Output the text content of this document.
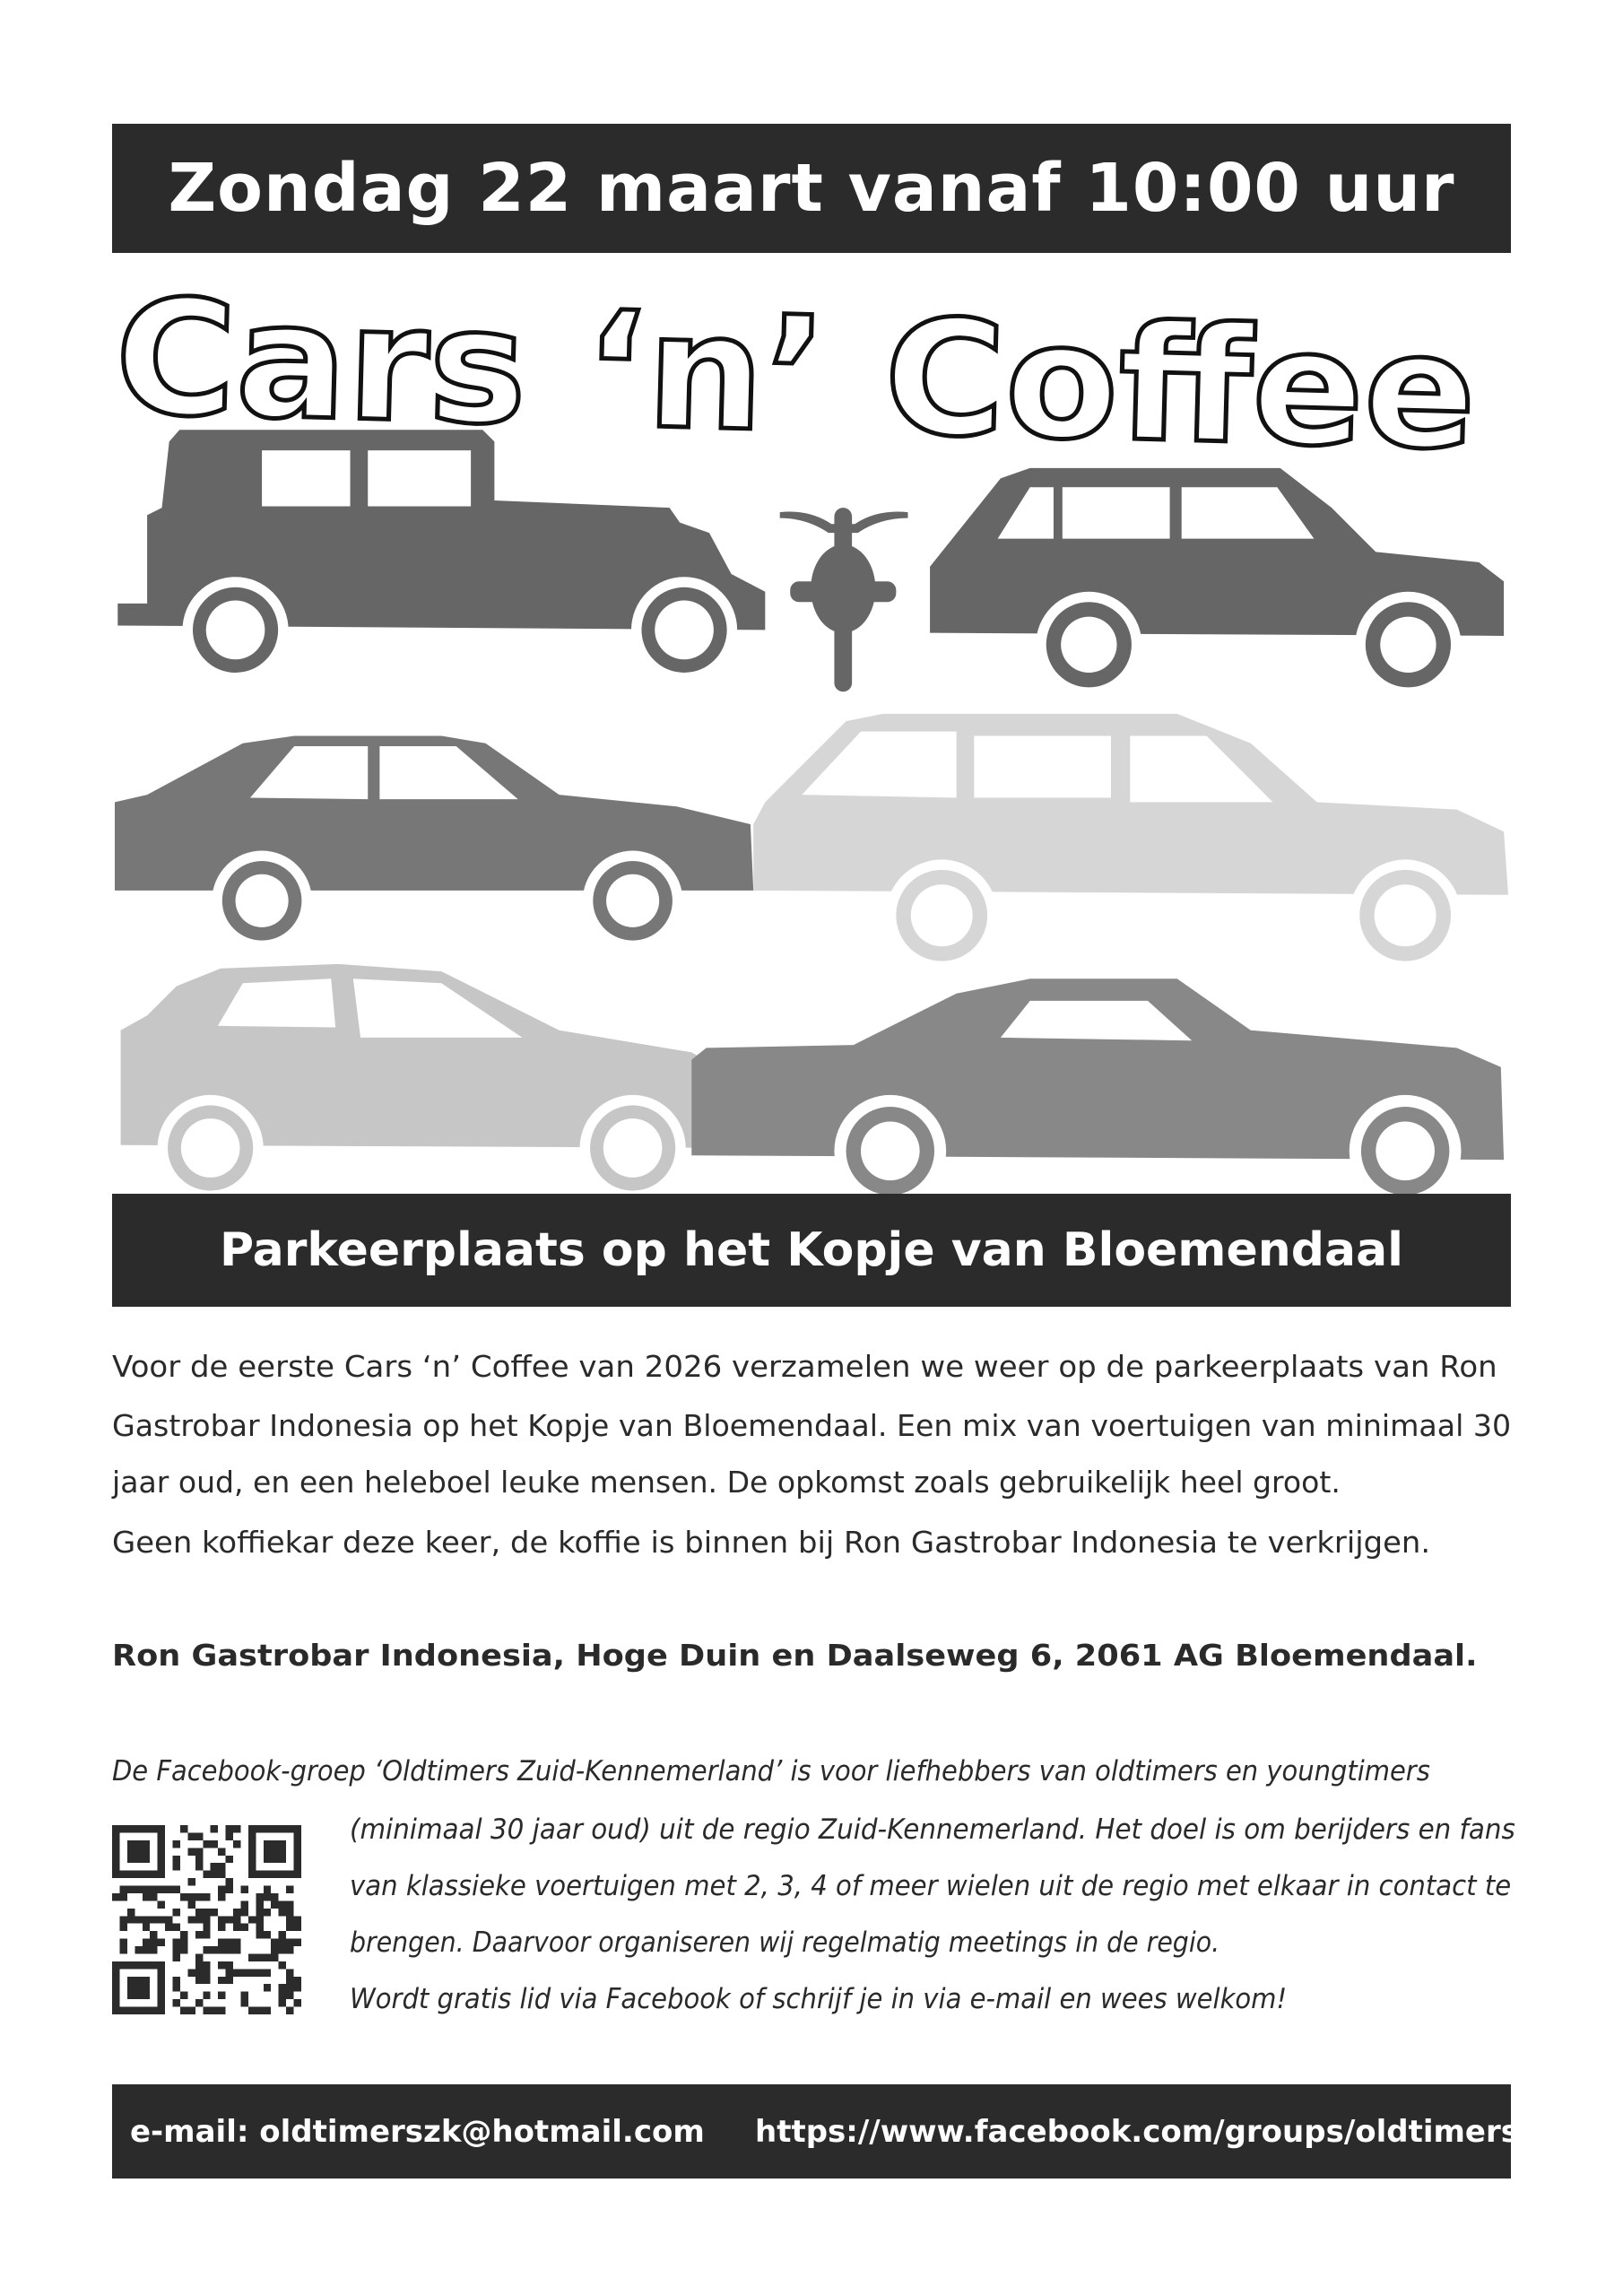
Zondag 22 maart vanaf 10:00 uur
Cars ‘n’ Coffee
Parkeerplaats op het Kopje van Bloemendaal
Voor de eerste Cars ‘n’ Coffee van 2026 verzamelen we weer op de parkeerplaats van Ron
Gastrobar Indonesia op het Kopje van Bloemendaal. Een mix van voertuigen van minimaal 30
jaar oud, en een heleboel leuke mensen. De opkomst zoals gebruikelijk heel groot.
Geen koffiekar deze keer, de koffie is binnen bij Ron Gastrobar Indonesia te verkrijgen.
Ron Gastrobar Indonesia, Hoge Duin en Daalseweg 6, 2061 AG Bloemendaal.
De Facebook-groep ‘Oldtimers Zuid-Kennemerland’ is voor liefhebbers van oldtimers en youngtimers
(minimaal 30 jaar oud) uit de regio Zuid-Kennemerland. Het doel is om berijders en fans
van klassieke voertuigen met 2, 3, 4 of meer wielen uit de regio met elkaar in contact te
brengen. Daarvoor organiseren wij regelmatig meetings in de regio.
Wordt gratis lid via Facebook of schrijf je in via e-mail en wees welkom!
e-mail: oldtimerszk@hotmail.com https://www.facebook.com/groups/oldtimerszk/
